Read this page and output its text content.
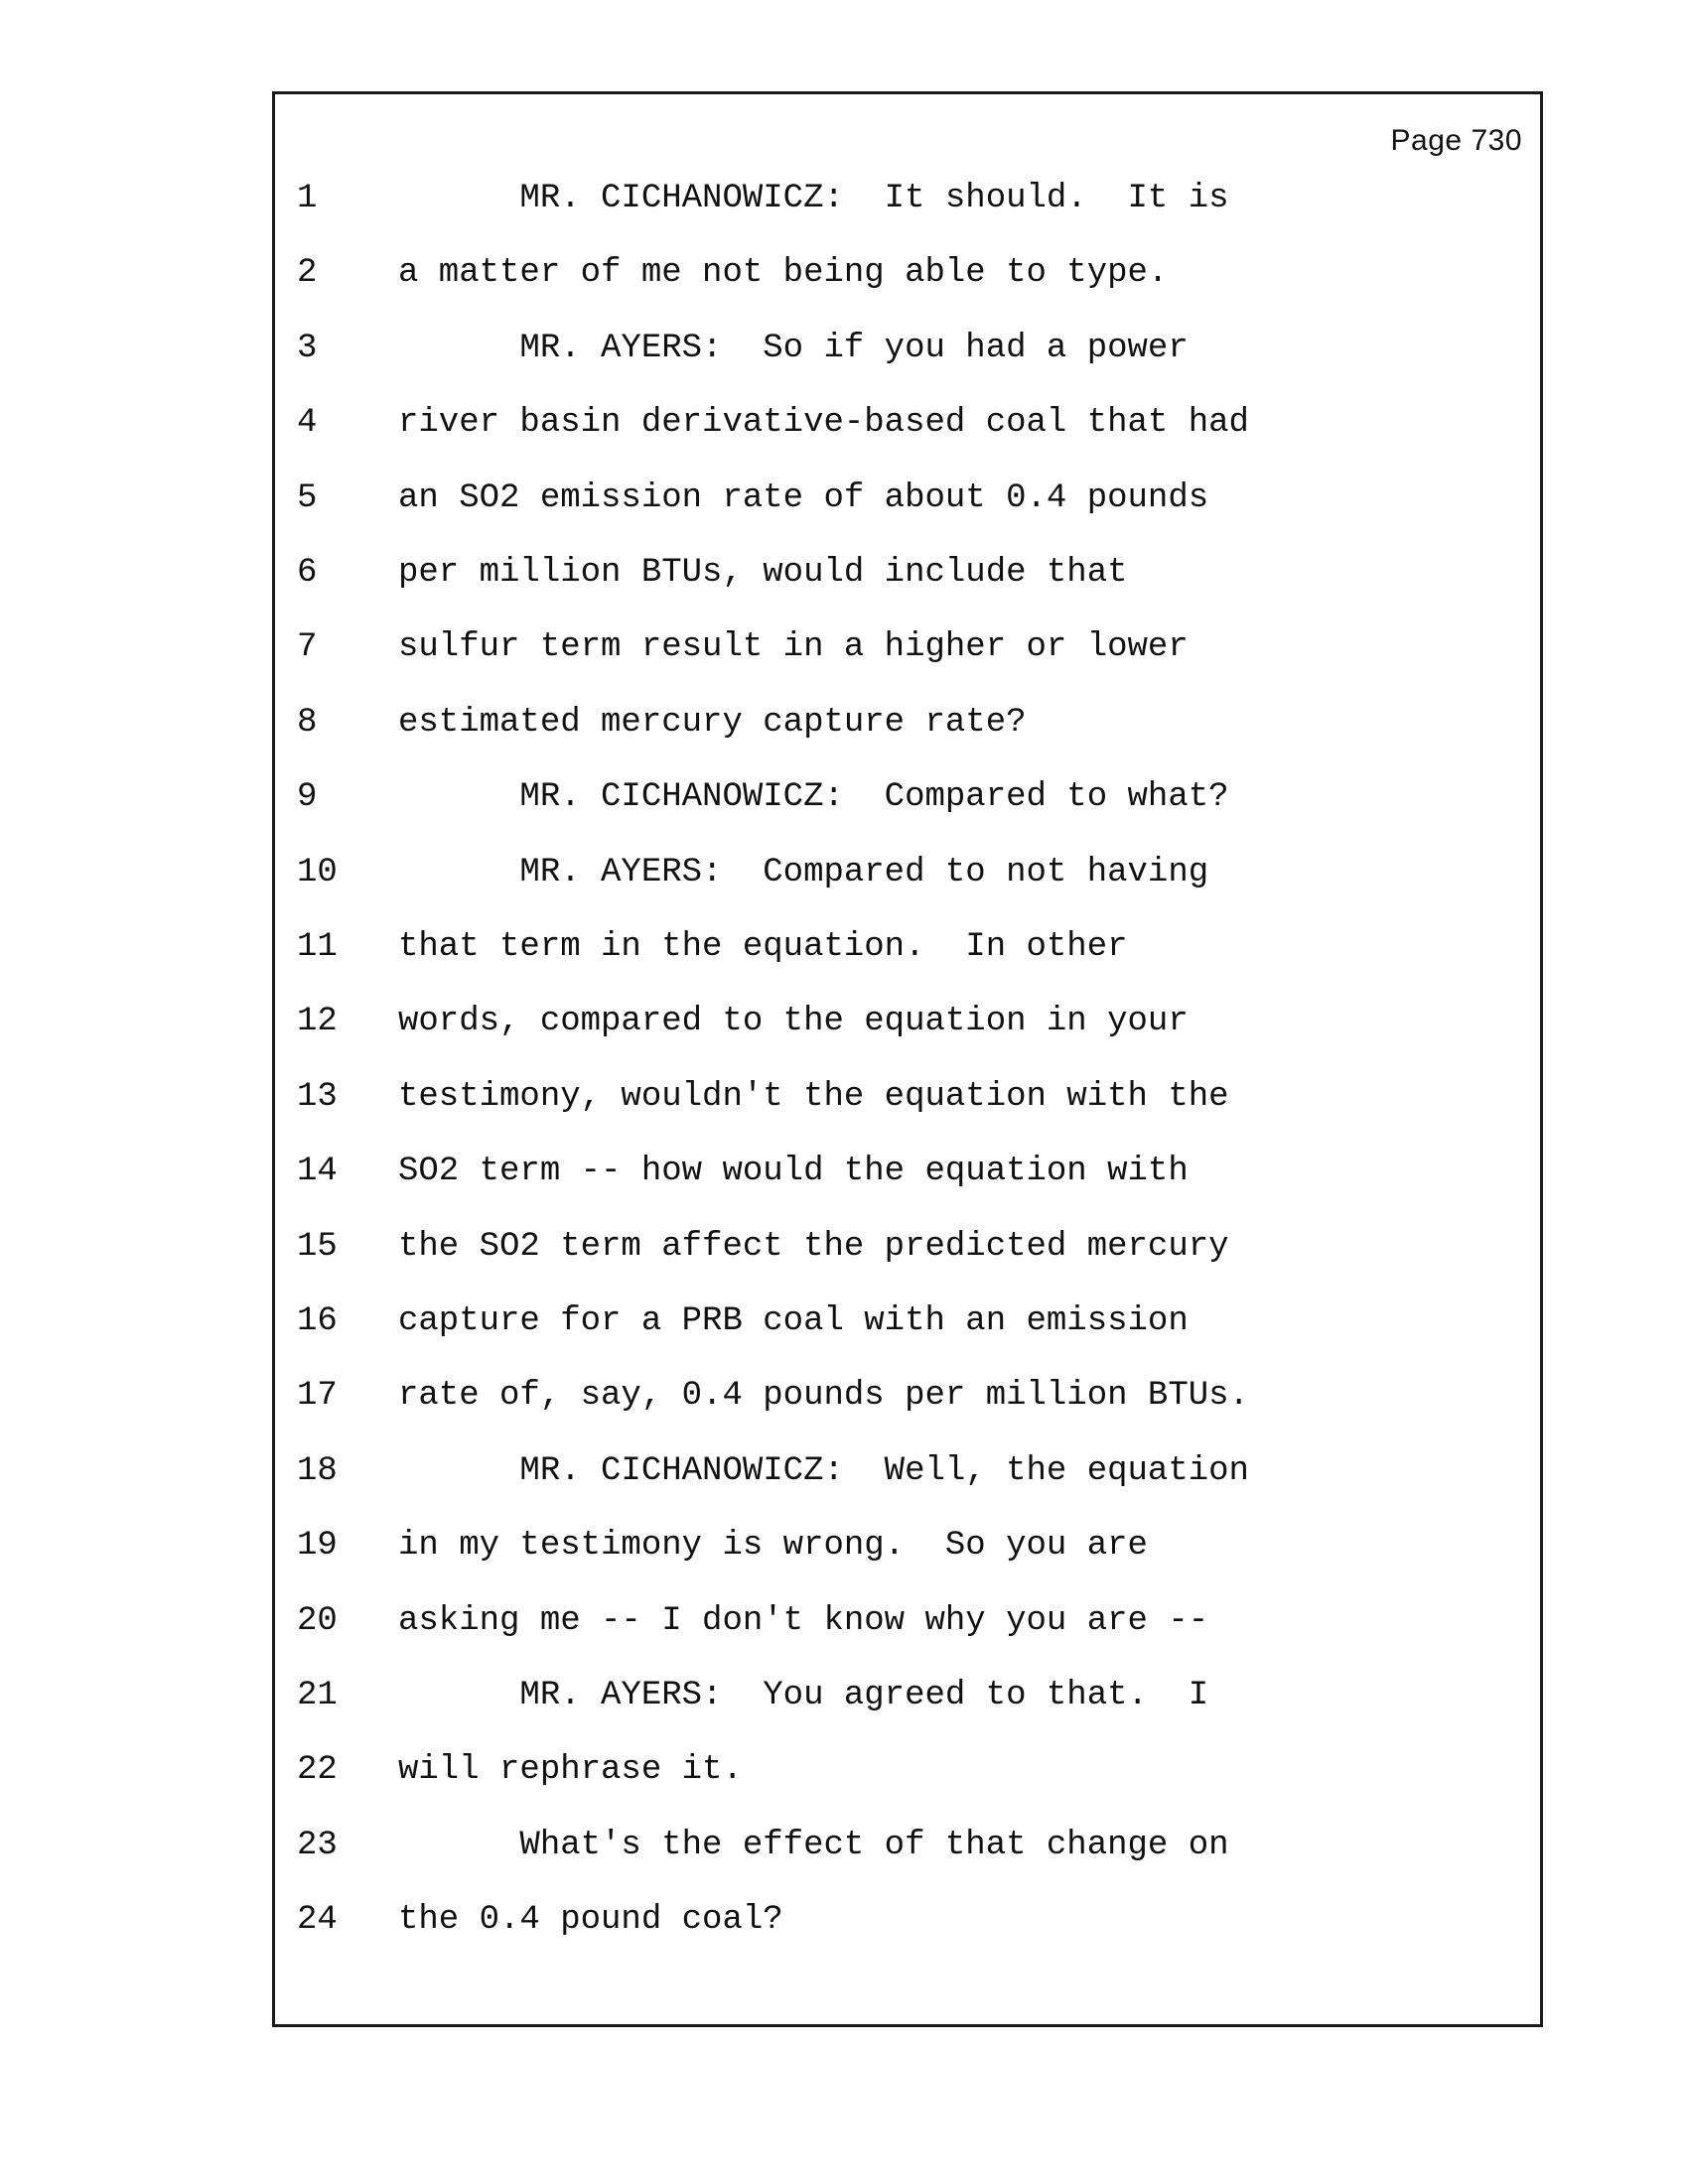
Page 730
1	MR. CICHANOWICZ:  It should.  It is
2	a matter of me not being able to type.
3	MR. AYERS:  So if you had a power
4	river basin derivative-based coal that had
5	an SO2 emission rate of about 0.4 pounds
6	per million BTUs, would include that
7	sulfur term result in a higher or lower
8	estimated mercury capture rate?
9	MR. CICHANOWICZ:  Compared to what?
10	MR. AYERS:  Compared to not having
11	that term in the equation.  In other
12	words, compared to the equation in your
13	testimony, wouldn't the equation with the
14	SO2 term -- how would the equation with
15	the SO2 term affect the predicted mercury
16	capture for a PRB coal with an emission
17	rate of, say, 0.4 pounds per million BTUs.
18	MR. CICHANOWICZ:  Well, the equation
19	in my testimony is wrong.  So you are
20	asking me -- I don't know why you are --
21	MR. AYERS:  You agreed to that.  I
22	will rephrase it.
23	What's the effect of that change on
24	the 0.4 pound coal?
